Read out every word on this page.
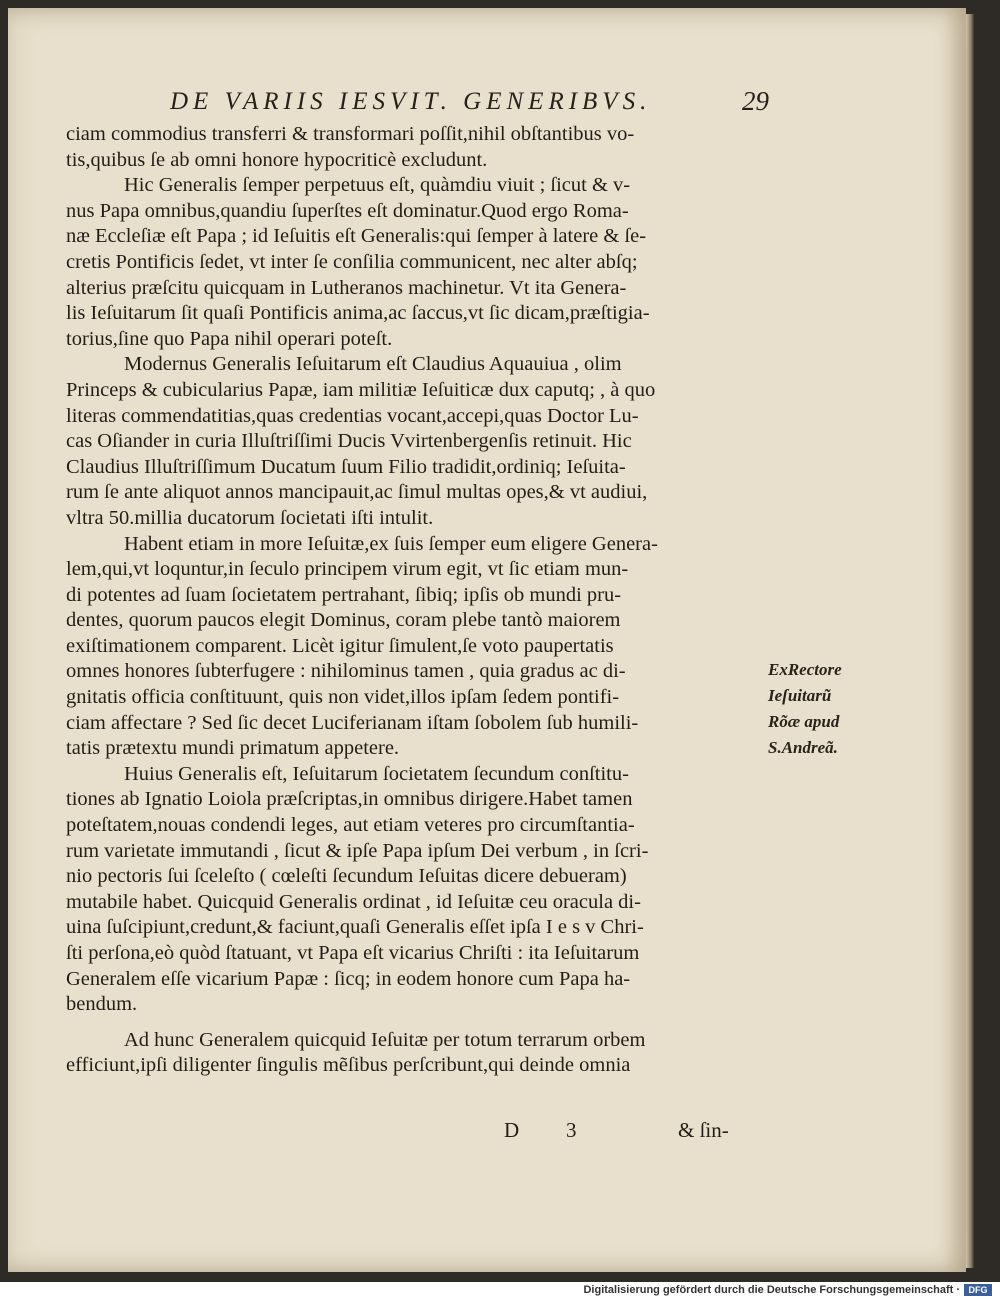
DE VARIIS IESVIT. GENERIBVS.	29
ciam commodius transferri & transformari poſſit,nihil obſtantibus vo-
tis,quibus ſe ab omni honore hypocriticè excludunt.
Hic Generalis ſemper perpetuus eſt, quàmdiu viuit ; ſicut & v-
nus Papa omnibus,quandiu ſuperſtes eſt dominatur.Quod ergo Roma-
næ Eccleſiæ eſt Papa ; id Ieſuitis eſt Generalis:qui ſemper à latere & ſe-
cretis Pontificis ſedet, vt inter ſe conſilia communicent, nec alter abſq;
alterius præſcitu quicquam in Lutheranos machinetur. Vt ita Genera-
lis Ieſuitarum ſit quaſi Pontificis anima,ac ſaccus,vt ſic dicam,præſtigia-
torius,ſine quo Papa nihil operari poteſt.
Modernus Generalis Ieſuitarum eſt Claudius Aquauiua , olim
Princeps & cubicularius Papæ, iam militiæ Ieſuiticæ dux caputq; , à quo
literas commendatitias,quas credentias vocant,accepi,quas Doctor Lu-
cas Oſiander in curia Illuſtriſſimi Ducis Vvirtenbergenſis retinuit. Hic
Claudius Illuſtriſſimum Ducatum ſuum Filio tradidit,ordiniq; Ieſuita-
rum ſe ante aliquot annos mancipauit,ac ſimul multas opes,& vt audiui,
vltra 50.millia ducatorum ſocietati iſti intulit.
Habent etiam in more Ieſuitæ,ex ſuis ſemper eum eligere Genera-
lem,qui,vt loquntur,in ſeculo principem virum egit, vt ſic etiam mun-
di potentes ad ſuam ſocietatem pertrahant, ſibiq; ipſis ob mundi pru-
dentes, quorum paucos elegit Dominus, coram plebe tantò maiorem
exiſtimationem comparent. Licèt igitur ſimulent,ſe voto paupertatis
omnes honores ſubterfugere : nihilominus tamen , quia gradus ac di-
gnitatis officia conſtituunt, quis non videt,illos ipſam ſedem pontifi-
ciam affectare ? Sed ſic decet Luciferianam iſtam ſobolem ſub humili-
tatis prætextu mundi primatum appetere.
Huius Generalis eſt, Ieſuitarum ſocietatem ſecundum conſtitu-
tiones ab Ignatio Loiola præſcriptas,in omnibus dirigere.Habet tamen
poteſtatem,nouas condendi leges, aut etiam veteres pro circumſtantia-
rum varietate immutandi , ſicut & ipſe Papa ipſum Dei verbum , in ſcri-
nio pectoris ſui ſceleſto ( cœleſti ſecundum Ieſuitas dicere debueram)
mutabile habet. Quicquid Generalis ordinat , id Ieſuitæ ceu oracula di-
uina ſuſcipiunt,credunt,& faciunt,quaſi Generalis eſſet ipſa I e s v Chri-
ſti perſona,eò quòd ſtatuant, vt Papa eſt vicarius Chriſti : ita Ieſuitarum
Generalem eſſe vicarium Papæ : ſicq; in eodem honore cum Papa ha-
bendum.
Ad hunc Generalem quicquid Ieſuitæ per totum terrarum orbem
efficiunt,ipſi diligenter ſingulis mẽſibus perſcribunt,qui deinde omnia
ExRectore
Ieſuitarũ
Rõæ apud
S.Andreã.
D 3	& ſin-
Digitalisierung gefördert durch die Deutsche Forschungsgemeinschaft · DFG
